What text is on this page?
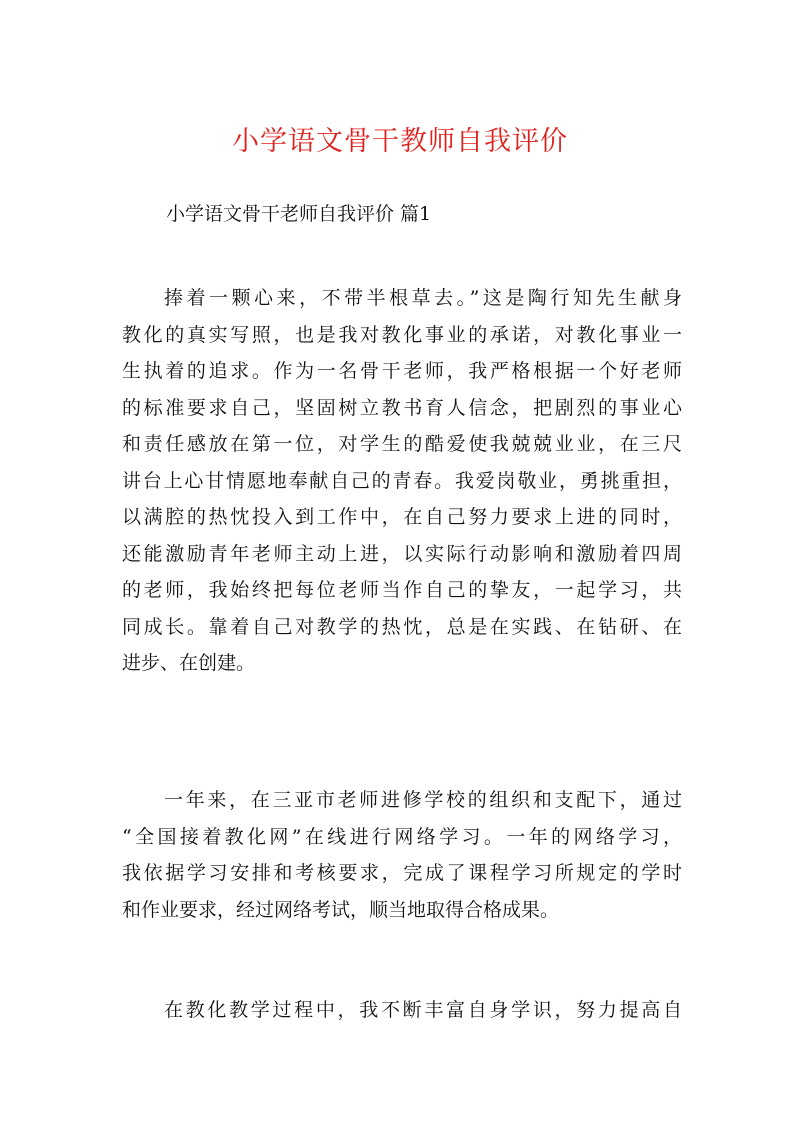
小学语文骨干教师自我评价

小学语文骨干老师自我评价 篇1

捧着一颗心来，不带半根草去。”这是陶行知先生献身
教化的真实写照，也是我对教化事业的承诺，对教化事业一
生执着的追求。作为一名骨干老师，我严格根据一个好老师
的标准要求自己，坚固树立教书育人信念，把剧烈的事业心
和责任感放在第一位，对学生的酷爱使我兢兢业业，在三尺
讲台上心甘情愿地奉献自己的青春。我爱岗敬业，勇挑重担，
以满腔的热忱投入到工作中，在自己努力要求上进的同时，
还能激励青年老师主动上进，以实际行动影响和激励着四周
的老师，我始终把每位老师当作自己的挚友，一起学习，共
同成长。靠着自己对教学的热忱，总是在实践、在钻研、在
进步、在创建。
一年来，在三亚市老师进修学校的组织和支配下，通过
“全国接着教化网”在线进行网络学习。一年的网络学习，
我依据学习安排和考核要求，完成了课程学习所规定的学时
和作业要求，经过网络考试，顺当地取得合格成果。
在教化教学过程中，我不断丰富自身学识，努力提高自
